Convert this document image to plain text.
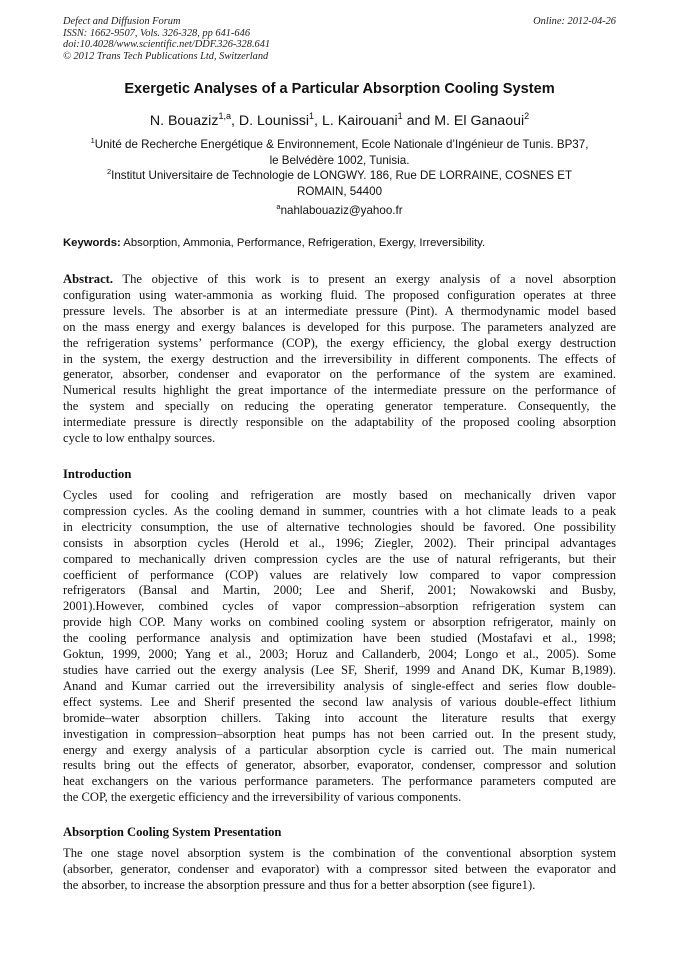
Defect and Diffusion Forum
ISSN: 1662-9507, Vols. 326-328, pp 641-646
doi:10.4028/www.scientific.net/DDF.326-328.641
© 2012 Trans Tech Publications Ltd, Switzerland
Online: 2012-04-26
Exergetic Analyses of a Particular Absorption Cooling System
N. Bouaziz$^{1,a}$, D. Lounissi$^1$, L. Kairouani$^1$ and M. El Ganaoui$^2$
$^1$Unité de Recherche Energétique & Environnement, Ecole Nationale d’Ingénieur de Tunis. BP37,
le Belvédère 1002, Tunisia.
$^2$Institut Universitaire de Technologie de LONGWY. 186, Rue DE LORRAINE, COSNES ET
ROMAIN, 54400
$^a$nahlabouaziz@yahoo.fr
Keywords: Absorption, Ammonia, Performance, Refrigeration, Exergy, Irreversibility.
Abstract. The objective of this work is to present an exergy analysis of a novel absorption
configuration using water-ammonia as working fluid. The proposed configuration operates at three
pressure levels. The absorber is at an intermediate pressure (Pint). A thermodynamic model based
on the mass energy and exergy balances is developed for this purpose. The parameters analyzed are
the refrigeration systems’ performance (COP), the exergy efficiency, the global exergy destruction
in the system, the exergy destruction and the irreversibility in different components. The effects of
generator, absorber, condenser and evaporator on the performance of the system are examined.
Numerical results highlight the great importance of the intermediate pressure on the performance of
the system and specially on reducing the operating generator temperature. Consequently, the
intermediate pressure is directly responsible on the adaptability of the proposed cooling absorption
cycle to low enthalpy sources.
Introduction
Cycles used for cooling and refrigeration are mostly based on mechanically driven vapor
compression cycles. As the cooling demand in summer, countries with a hot climate leads to a peak
in electricity consumption, the use of alternative technologies should be favored. One possibility
consists in absorption cycles (Herold et al., 1996; Ziegler, 2002). Their principal advantages
compared to mechanically driven compression cycles are the use of natural refrigerants, but their
coefficient of performance (COP) values are relatively low compared to vapor compression
refrigerators (Bansal and Martin, 2000; Lee and Sherif, 2001; Nowakowski and Busby,
2001).However, combined cycles of vapor compression–absorption refrigeration system can
provide high COP. Many works on combined cooling system or absorption refrigerator, mainly on
the cooling performance analysis and optimization have been studied (Mostafavi et al., 1998;
Goktun, 1999, 2000; Yang et al., 2003; Horuz and Callanderb, 2004; Longo et al., 2005). Some
studies have carried out the exergy analysis (Lee SF, Sherif, 1999 and Anand DK, Kumar B,1989).
Anand and Kumar carried out the irreversibility analysis of single-effect and series flow double-
effect systems. Lee and Sherif presented the second law analysis of various double-effect lithium
bromide–water absorption chillers. Taking into account the literature results that exergy
investigation in compression–absorption heat pumps has not been carried out. In the present study,
energy and exergy analysis of a particular absorption cycle is carried out. The main numerical
results bring out the effects of generator, absorber, evaporator, condenser, compressor and solution
heat exchangers on the various performance parameters. The performance parameters computed are
the COP, the exergetic efficiency and the irreversibility of various components.
Absorption Cooling System Presentation
The one stage novel absorption system is the combination of the conventional absorption system
(absorber, generator, condenser and evaporator) with a compressor sited between the evaporator and
the absorber, to increase the absorption pressure and thus for a better absorption (see figure1).
